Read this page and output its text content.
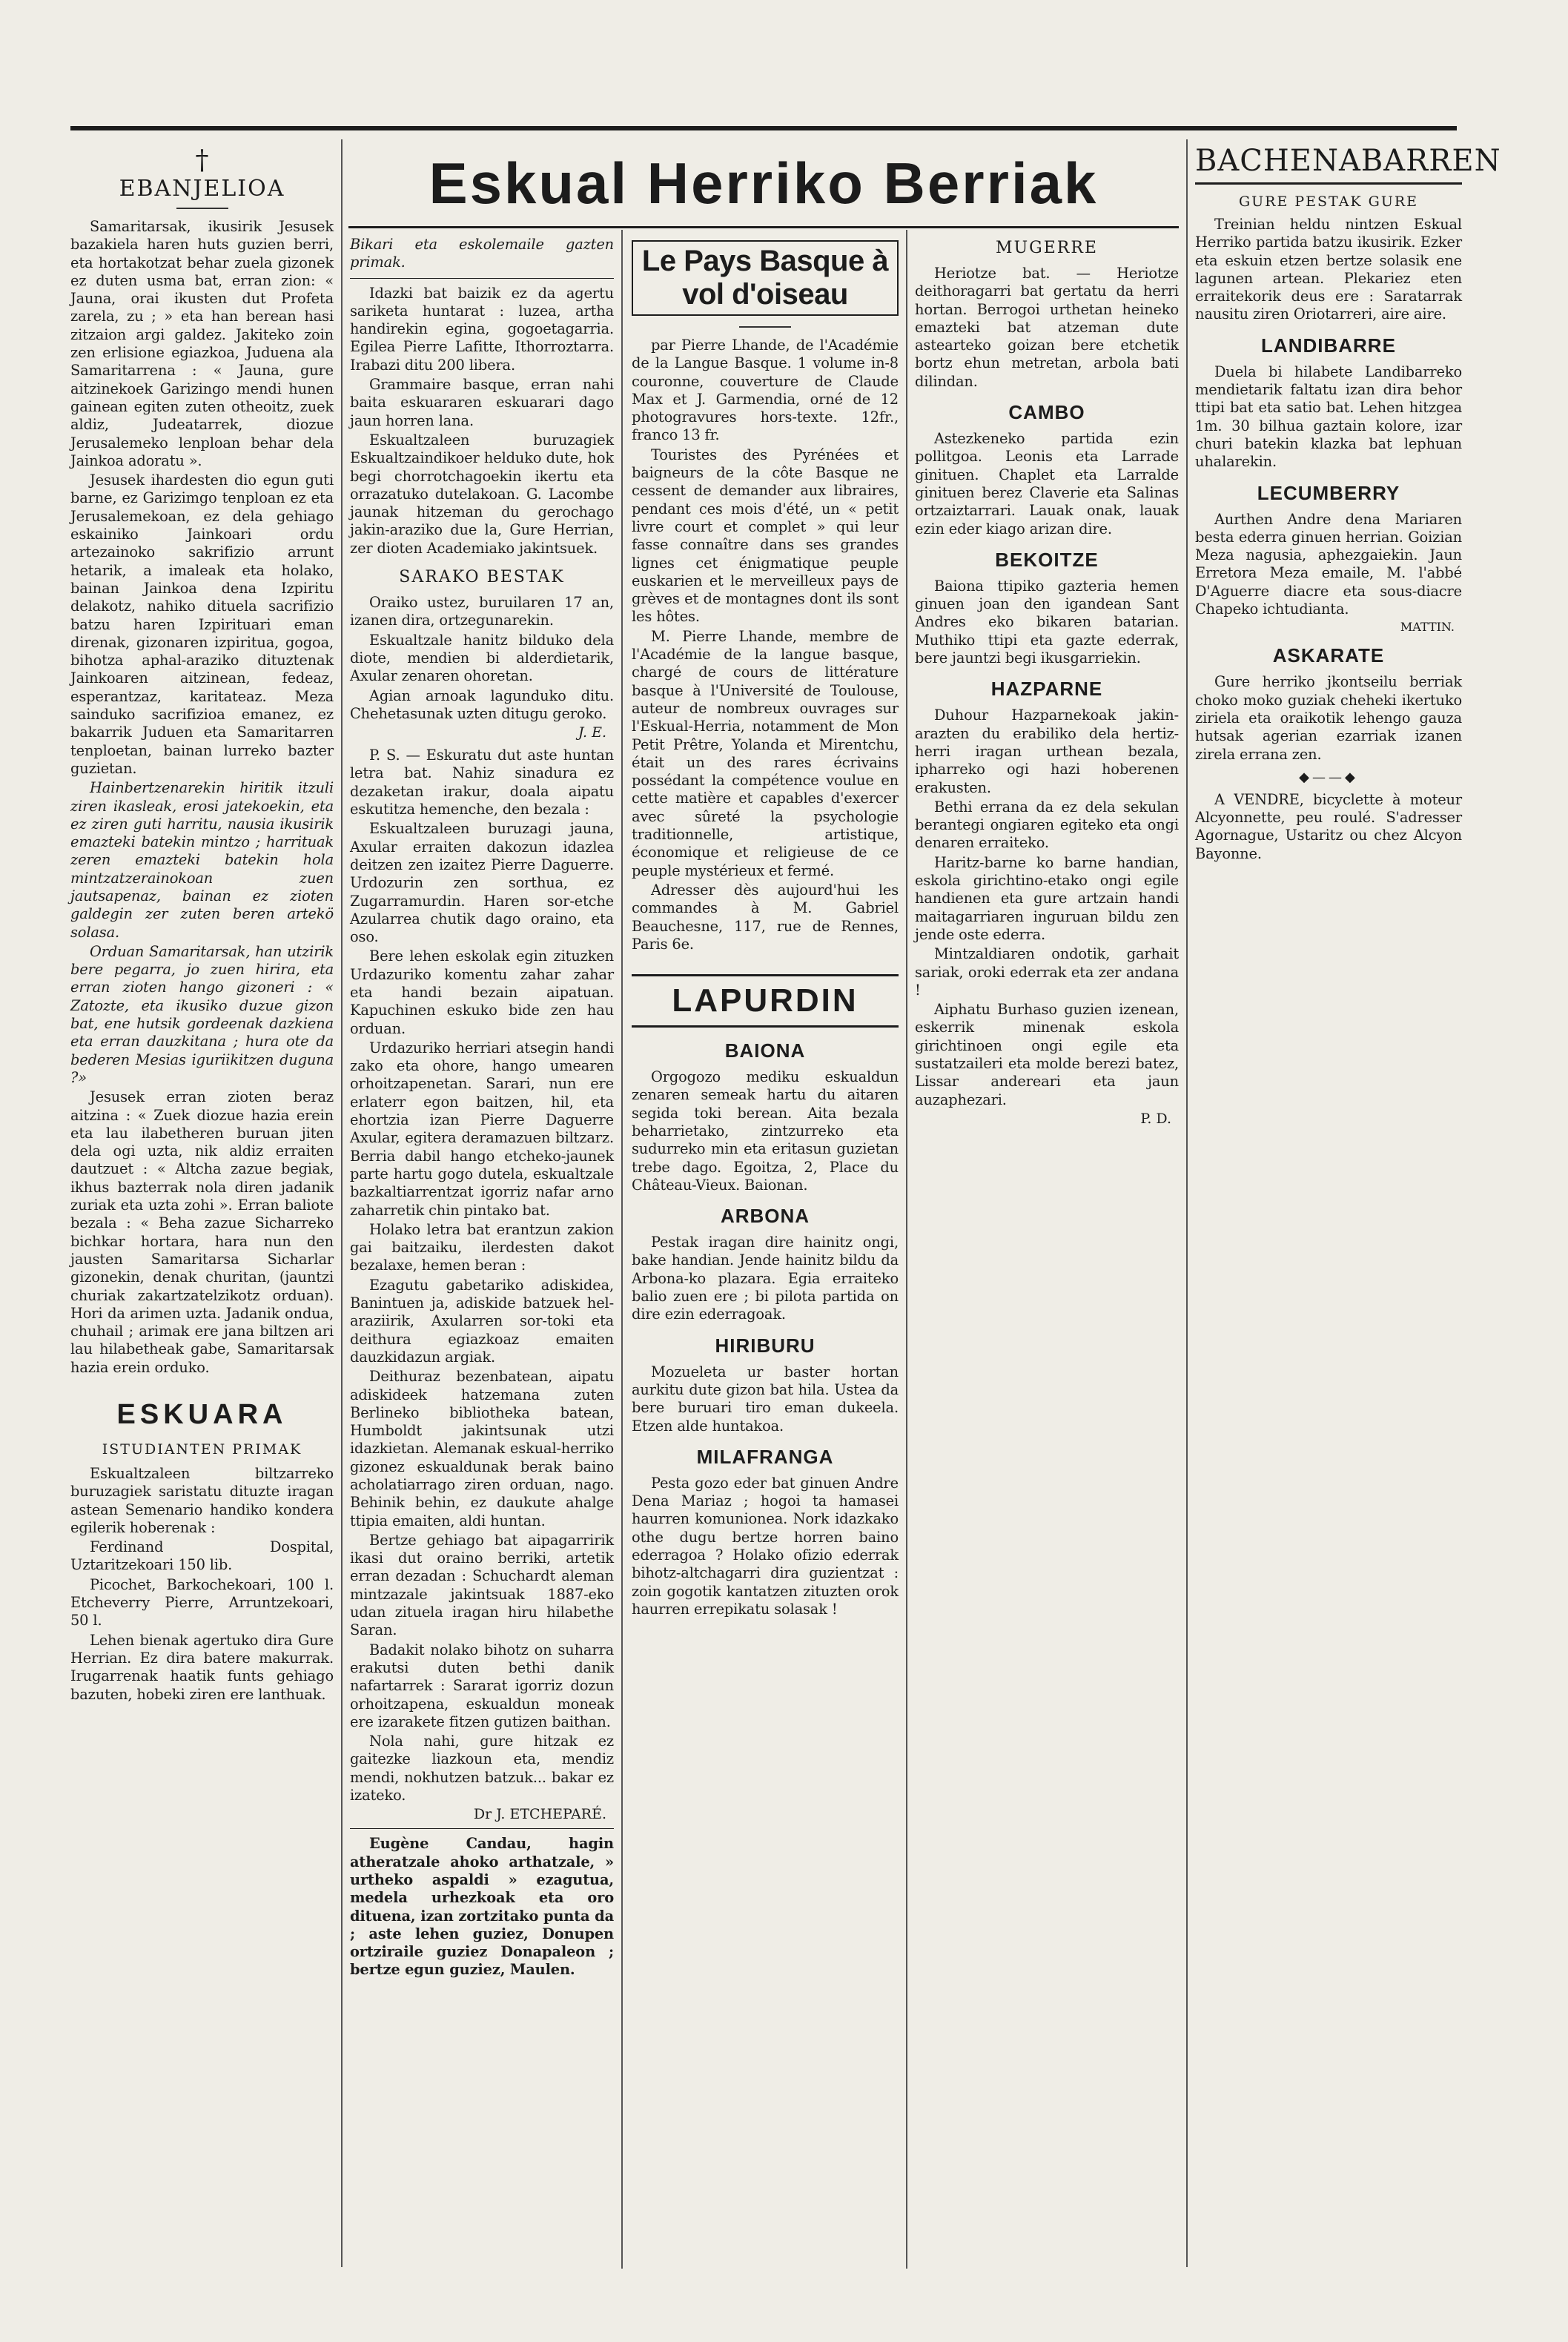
Eskual Herriko Berriak
†
EBANJELIOA

Samaritarsak, ikusirik Jesusek bazakiela haren huts guzien berri, eta hortakotzat behar zuela gizonek ez duten usma bat, erran zion: « Jauna, orai ikusten dut Profeta zarela, zu ; » eta han berean hasi zitzaion argi galdez. Jakiteko zoin zen erlisione egiazkoa, Juduena ala Samaritarrena : « Jauna, gure aitzinekoek Garizingo mendi hunen gainean egiten zuten otheoitz, zuek aldiz, Judeatarrek, diozue Jerusalemeko lenploan behar dela Jainkoa adoratu ».

Jesusek ihardesten dio egun guti barne, ez Garizimgo tenploan ez eta Jerusalemekoan, ez dela gehiago eskainiko Jainkoari ordu artezainoko sakrifizio arrunt hetarik, a imaleak eta holako, bainan Jainkoa dena Izpiritu delakotz, nahiko dituela sacrifizio batzu haren Izpirituari eman direnak, gizonaren izpiritua, gogoa, bihotza aphal-araziko dituztenak Jainkoaren aitzinean, fedeaz, esperantzaz, karitateaz. Meza sainduko sacrifizioa emanez, ez bakarrik Juduen eta Samaritarren tenploetan, bainan lurreko bazter guzietan.

Hainbertzenarekin hiritik itzuli ziren ikasleak, erosi jatekoekin, eta ez ziren guti harritu, nausia ikusirik emazteki batekin mintzo ; harrituak zeren emazteki batekin hola mintzatzerainokoan zuen jautsapenaz, bainan ez zioten galdegin zer zuten beren artekö solasa.

Orduan Samaritarsak, han utzirik bere pegarra, jo zuen hirira, eta erran zioten hango gizoneri : « Zatozte, eta ikusiko duzue gizon bat, ene hutsik gordeenak dazkiena eta erran dauzkitana ; hura ote da bederen Mesias iguriikitzen duguna ?»

Jesusek erran zioten beraz aitzina : « Zuek diozue hazia erein eta lau ilabetheren buruan jiten dela ogi uzta, nik aldiz erraiten dautzuet : « Altcha zazue begiak, ikhus bazterrak nola diren jadanik zuriak eta uzta zohi ». Erran baliote bezala : « Beha zazue Sicharreko bichkar hortara, hara nun den jausten Samaritarsa Sicharlar gizonekin, denak churitan, (jauntzi churiak zakartzatelzikotz orduan). Hori da arimen uzta. Jadanik ondua, chuhail ; arimak ere jana biltzen ari lau hilabetheak gabe, Samaritarsak hazia erein orduko.

ESKUARA
ISTUDIANTEN PRIMAK

Eskualtzaleen biltzarreko buruzagiek saristatu dituzte iragan astean Semenario handiko kondera egilerik hoberenak :

Ferdinand Dospital, Uztaritzekoari 150 lib.

Picochet, Barkochekoari, 100 l. Etcheverry Pierre, Arruntzekoari, 50 l.

Lehen bienak agertuko dira Gure Herrian. Ez dira batere makurrak. Irugarrenak haatik funts gehiago bazuten, hobeki ziren ere lanthuak.

Bikari eta eskolemaile gazten primak.

Idazki bat baizik ez da agertu sariketa huntarat : luzea, artha handirekin egina, gogoetagarria. Egilea Pierre Lafitte, Ithorroztarra. Irabazi ditu 200 libera.

Grammaire basque, erran nahi baita eskuararen eskuarari dago jaun horren lana.

Eskualtzaleen buruzagiek Eskualtzaindikoer helduko dute, hok begi chorrotchagoekin ikertu eta orrazatuko dutelakoan. G. Lacombe jaunak hitzeman du gerochago jakin-araziko due la, Gure Herrian, zer dioten Academiako jakintsuek.

SARAKO BESTAK

Oraiko ustez, buruilaren 17 an, izanen dira, ortzegunarekin.

Eskualtzale hanitz bilduko dela diote, mendien bi alderdietarik, Axular zenaren ohoretan.

Agian arnoak lagunduko ditu. Chehetasunak uzten ditugu geroko.

J. E.

P. S. — Eskuratu dut aste huntan letra bat. Nahiz sinadura ez dezaketan irakur, doala aipatu eskutitza hemenche, den bezala :

Eskualtzaleen buruzagi jauna, Axular erraiten dakozun idazlea deitzen zen izaitez Pierre Daguerre. Urdozurin zen sorthua, ez Zugarramurdin. Haren sor-etche Azularrea chutik dago oraino, eta oso.

Bere lehen eskolak egin zituzken Urdazuriko komentu zahar zahar eta handi bezain aipatuan. Kapuchinen eskuko bide zen hau orduan.

Urdazuriko herriari atsegin handi zako eta ohore, hango umearen orhoitzapenetan. Sarari, nun ere erlaterr egon baitzen, hil, eta ehortzia izan Pierre Daguerre Axular, egitera deramazuen biltzarz. Berria dabil hango etcheko-jaunek parte hartu gogo dutela, eskualtzale bazkaltiarrentzat igorriz nafar arno zaharretik chin pintako bat.

Holako letra bat erantzun zakion gai baitzaiku, ilerdesten dakot bezalaxe, hemen beran :

Ezagutu gabetariko adiskidea, Banintuen ja, adiskide batzuek hel-araziirik, Axularren sor-toki eta deithura egiazkoaz emaiten dauzkidazun argiak.

Deithuraz bezenbatean, aipatu adiskideek hatzemana zuten Berlineko bibliotheka batean, Humboldt jakintsunak utzi idazkietan. Alemanak eskual-herriko gizonez eskualdunak berak baino acholatiarrago ziren orduan, nago. Behinik behin, ez daukute ahalge ttipia emaiten, aldi huntan.

Bertze gehiago bat aipagarririk ikasi dut oraino berriki, artetik erran dezadan : Schuchardt aleman mintzazale jakintsuak 1887-eko udan zituela iragan hiru hilabethe Saran.

Badakit nolako bihotz on suharra erakutsi duten bethi danik nafartarrek : Sararat igorriz dozun orhoitzapena, eskualdun moneak ere izarakete fitzen gutizen baithan.

Nola nahi, gure hitzak ez gaitezke liazkoun eta, mendiz mendi, nokhutzen batzuk... bakar ez izateko.

Dr J. ETCHEPARÉ.

Eugène Candau, hagin atheratzale ahoko arthatzale, » urtheko aspaldi » ezagutua, medela urhezkoak eta oro dituena, izan zortzitako punta da ; aste lehen guziez, Donupen ortziraile guziez Donapaleon ; bertze egun guziez, Maulen.

Le Pays Basque à vol d'oiseau

par Pierre Lhande, de l'Académie de la Langue Basque. 1 volume in-8 couronne, couverture de Claude Max et J. Garmendia, orné de 12 photogravures hors-texte. 12fr., franco 13 fr.

Touristes des Pyrénées et baigneurs de la côte Basque ne cessent de demander aux libraires, pendant ces mois d'été, un « petit livre court et complet » qui leur fasse connaître dans ses grandes lignes cet énigmatique peuple euskarien et le merveilleux pays de grèves et de montagnes dont ils sont les hôtes.

M. Pierre Lhande, membre de l'Académie de la langue basque, chargé de cours de littérature basque à l'Université de Toulouse, auteur de nombreux ouvrages sur l'Eskual-Herria, notamment de Mon Petit Prêtre, Yolanda et Mirentchu, était un des rares écrivains possédant la compétence voulue en cette matière et capables d'exercer avec sûreté la psychologie traditionnelle, artistique, économique et religieuse de ce peuple mystérieux et fermé.

Adresser dès aujourd'hui les commandes à M. Gabriel Beauchesne, 117, rue de Rennes, Paris 6e.

LAPURDIN
BAIONA

Orgogozo mediku eskualdun zenaren semeak hartu du aitaren segida toki berean. Aita bezala beharrietako, zintzurreko eta sudurreko min eta eritasun guzietan trebe dago. Egoitza, 2, Place du Château-Vieux. Baionan.

ARBONA

Pestak iragan dire hainitz ongi, bake handian. Jende hainitz bildu da Arbona-ko plazara. Egia erraiteko balio zuen ere ; bi pilota partida on dire ezin ederragoak.

HIRIBURU

Mozueleta ur baster hortan aurkitu dute gizon bat hila. Ustea da bere buruari tiro eman dukeela. Etzen alde huntakoa.

MILAFRANGA

Pesta gozo eder bat ginuen Andre Dena Mariaz ; hogoi ta hamasei haurren komunionea. Nork idazkako othe dugu bertze horren baino ederragoa ? Holako ofizio ederrak bihotz-altchagarri dira guzientzat : zoin gogotik kantatzen zituzten orok haurren errepikatu solasak !

MUGERRE

Heriotze bat. — Heriotze deithoragarri bat gertatu da herri hortan. Berrogoi urthetan heineko emazteki bat atzeman dute astearteko goizan bere etchetik bortz ehun metretan, arbola bati dilindan.

CAMBO

Astezkeneko partida ezin pollitgoa. Leonis eta Larrade ginituen. Chaplet eta Larralde ginituen berez Claverie eta Salinas ortzaiztarrari. Lauak onak, lauak ezin eder kiago arizan dire.

BEKOITZE

Baiona ttipiko gazteria hemen ginuen joan den igandean Sant Andres eko bikaren batarian. Muthiko ttipi eta gazte ederrak, bere jauntzi begi ikusgarriekin.

HAZPARNE

Duhour Hazparnekoak jakin-arazten du erabiliko dela hertiz-herri iragan urthean bezala, ipharreko ogi hazi hoberenen erakusten.

Bethi errana da ez dela sekulan berantegi ongiaren egiteko eta ongi denaren erraiteko.

Haritz-barne ko barne handian, eskola girichtino-etako ongi egile handienen eta gure artzain handi maitagarriaren inguruan bildu zen jende oste ederra.

Mintzaldiaren ondotik, garhait sariak, oroki ederrak eta zer andanа !

Aiphatu Burhaso guzien izenean, eskerrik minenak eskola girichtinoen ongi egile eta sustatzaileri eta molde berezi batez, Lissar andereari eta jaun auzaphezari.

P. D.
BACHENABARREN
GURE PESTAK GURE

Treinian heldu nintzen Eskual Herriko partida batzu ikusirik. Ezker eta eskuin etzen bertze solasik ene lagunen artean. Plekariez eten erraitekorik deus ere : Saratarrak nausitu ziren Oriotarreri, aire aire.

LANDIBARRE

Duela bi hilabete Landibarreko mendietarik faltatu izan dira behor ttipi bat eta satio bat. Lehen hitzgea 1m. 30 bilhua gaztain kolore, izar churi batekin klazka bat lephuan uhalarekin.

LECUMBERRY

Aurthen Andre dena Mariaren besta ederra ginuen herrian. Goizian Meza nagusia, aphezgaiekin. Jaun Erretora Meza emaile, M. l'abbé D'Aguerre diacre eta sous-diacre Chapeko ichtudianta.

MATTIN.
ASKARATE

Gure herriko jkontseilu berriak choko moko guziak cheheki ikertuko ziriela eta oraikotik lehengo gauza hutsak agerian ezarriak izanen zirela errana zen.

◆——◆

A VENDRE, bicyclette à moteur Alcyonnette, peu roulé. S'adresser Agornague, Ustaritz ou chez Alcyon Bayonne.
